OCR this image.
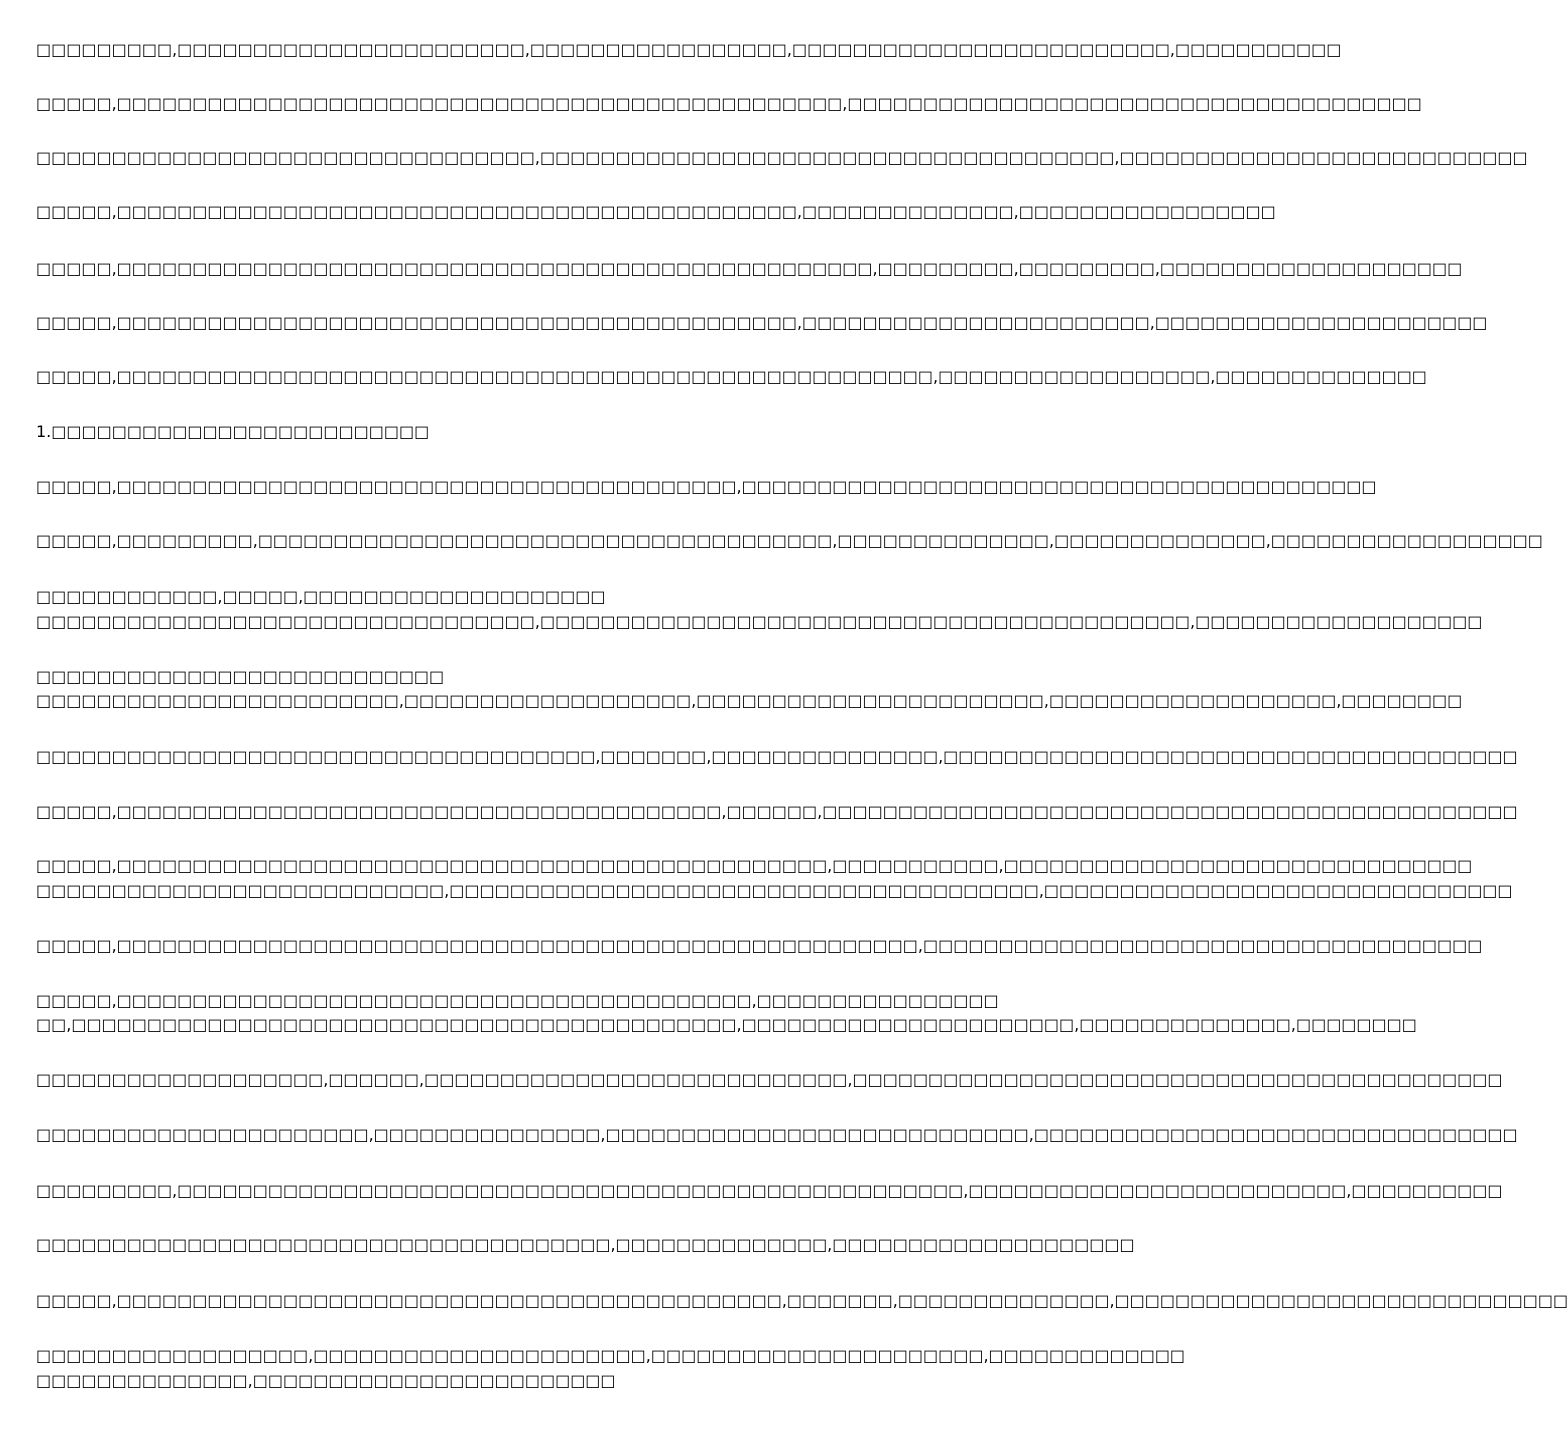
□□□□□□□□□,□□□□□□□□□□□□□□□□□□□□□□□,□□□□□□□□□□□□□□□□□,□□□□□□□□□□□□□□□□□□□□□□□□□,□□□□□□□□□□□
□□□□□,□□□□□□□□□□□□□□□□□□□□□□□□□□□□□□□□□□□□□□□□□□□□□□□□,□□□□□□□□□□□□□□□□□□□□□□□□□□□□□□□□□□□□□□
□□□□□□□□□□□□□□□□□□□□□□□□□□□□□□□□□,□□□□□□□□□□□□□□□□□□□□□□□□□□□□□□□□□□□□□□,□□□□□□□□□□□□□□□□□□□□□□□□□□□
□□□□□,□□□□□□□□□□□□□□□□□□□□□□□□□□□□□□□□□□□□□□□□□□□□□,□□□□□□□□□□□□□□,□□□□□□□□□□□□□□□□□
□□□□□,□□□□□□□□□□□□□□□□□□□□□□□□□□□□□□□□□□□□□□□□□□□□□□□□□□,□□□□□□□□□,□□□□□□□□□,□□□□□□□□□□□□□□□□□□□□
□□□□□,□□□□□□□□□□□□□□□□□□□□□□□□□□□□□□□□□□□□□□□□□□□□□,□□□□□□□□□□□□□□□□□□□□□□□,□□□□□□□□□□□□□□□□□□□□□□
□□□□□,□□□□□□□□□□□□□□□□□□□□□□□□□□□□□□□□□□□□□□□□□□□□□□□□□□□□□□,□□□□□□□□□□□□□□□□□□,□□□□□□□□□□□□□□
1.□□□□□□□□□□□□□□□□□□□□□□□□□
□□□□□,□□□□□□□□□□□□□□□□□□□□□□□□□□□□□□□□□□□□□□□□□,□□□□□□□□□□□□□□□□□□□□□□□□□□□□□□□□□□□□□□□□□□
□□□□□,□□□□□□□□□,□□□□□□□□□□□□□□□□□□□□□□□□□□□□□□□□□□□□□□,□□□□□□□□□□□□□□,□□□□□□□□□□□□□□,□□□□□□□□□□□□□□□□□□
□□□□□□□□□□□□,□□□□□,□□□□□□□□□□□□□□□□□□□□
□□□□□□□□□□□□□□□□□□□□□□□□□□□□□□□□□,□□□□□□□□□□□□□□□□□□□□□□□□□□□□□□□□□□□□□□□□□□□,□□□□□□□□□□□□□□□□□□□
□□□□□□□□□□□□□□□□□□□□□□□□□□□
□□□□□□□□□□□□□□□□□□□□□□□□,□□□□□□□□□□□□□□□□□□□,□□□□□□□□□□□□□□□□□□□□□□□,□□□□□□□□□□□□□□□□□□□,□□□□□□□□
□□□□□□□□□□□□□□□□□□□□□□□□□□□□□□□□□□□□□,□□□□□□□,□□□□□□□□□□□□□□□,□□□□□□□□□□□□□□□□□□□□□□□□□□□□□□□□□□□□□□
□□□□□,□□□□□□□□□□□□□□□□□□□□□□□□□□□□□□□□□□□□□□□□,□□□□□□,□□□□□□□□□□□□□□□□□□□□□□□□□□□□□□□□□□□□□□□□□□□□□□
□□□□□,□□□□□□□□□□□□□□□□□□□□□□□□□□□□□□□□□□□□□□□□□□□□□□□,□□□□□□□□□□□,□□□□□□□□□□□□□□□□□□□□□□□□□□□□□□□
□□□□□□□□□□□□□□□□□□□□□□□□□□□,□□□□□□□□□□□□□□□□□□□□□□□□□□□□□□□□□□□□□□□,□□□□□□□□□□□□□□□□□□□□□□□□□□□□□□□
□□□□□,□□□□□□□□□□□□□□□□□□□□□□□□□□□□□□□□□□□□□□□□□□□□□□□□□□□□□,□□□□□□□□□□□□□□□□□□□□□□□□□□□□□□□□□□□□□
□□□□□,□□□□□□□□□□□□□□□□□□□□□□□□□□□□□□□□□□□□□□□□□□,□□□□□□□□□□□□□□□□
□□,□□□□□□□□□□□□□□□□□□□□□□□□□□□□□□□□□□□□□□□□□□□□,□□□□□□□□□□□□□□□□□□□□□□,□□□□□□□□□□□□□□,□□□□□□□□
□□□□□□□□□□□□□□□□□□□,□□□□□□,□□□□□□□□□□□□□□□□□□□□□□□□□□□□,□□□□□□□□□□□□□□□□□□□□□□□□□□□□□□□□□□□□□□□□□□□
□□□□□□□□□□□□□□□□□□□□□□,□□□□□□□□□□□□□□□,□□□□□□□□□□□□□□□□□□□□□□□□□□□□,□□□□□□□□□□□□□□□□□□□□□□□□□□□□□□□□
□□□□□□□□□,□□□□□□□□□□□□□□□□□□□□□□□□□□□□□□□□□□□□□□□□□□□□□□□□□□□□,□□□□□□□□□□□□□□□□□□□□□□□□□,□□□□□□□□□□
□□□□□□□□□□□□□□□□□□□□□□□□□□□□□□□□□□□□□□,□□□□□□□□□□□□□□,□□□□□□□□□□□□□□□□□□□□
□□□□□,□□□□□□□□□□□□□□□□□□□□□□□□□□□□□□□□□□□□□□□□□□□□,□□□□□□□,□□□□□□□□□□□□□□,□□□□□□□□□□□□□□□□□□□□□□□□□□□□□□
□□□□□□□□□□□□□□□□□□,□□□□□□□□□□□□□□□□□□□□□□,□□□□□□□□□□□□□□□□□□□□□□,□□□□□□□□□□□□□
□□□□□□□□□□□□□□,□□□□□□□□□□□□□□□□□□□□□□□□
